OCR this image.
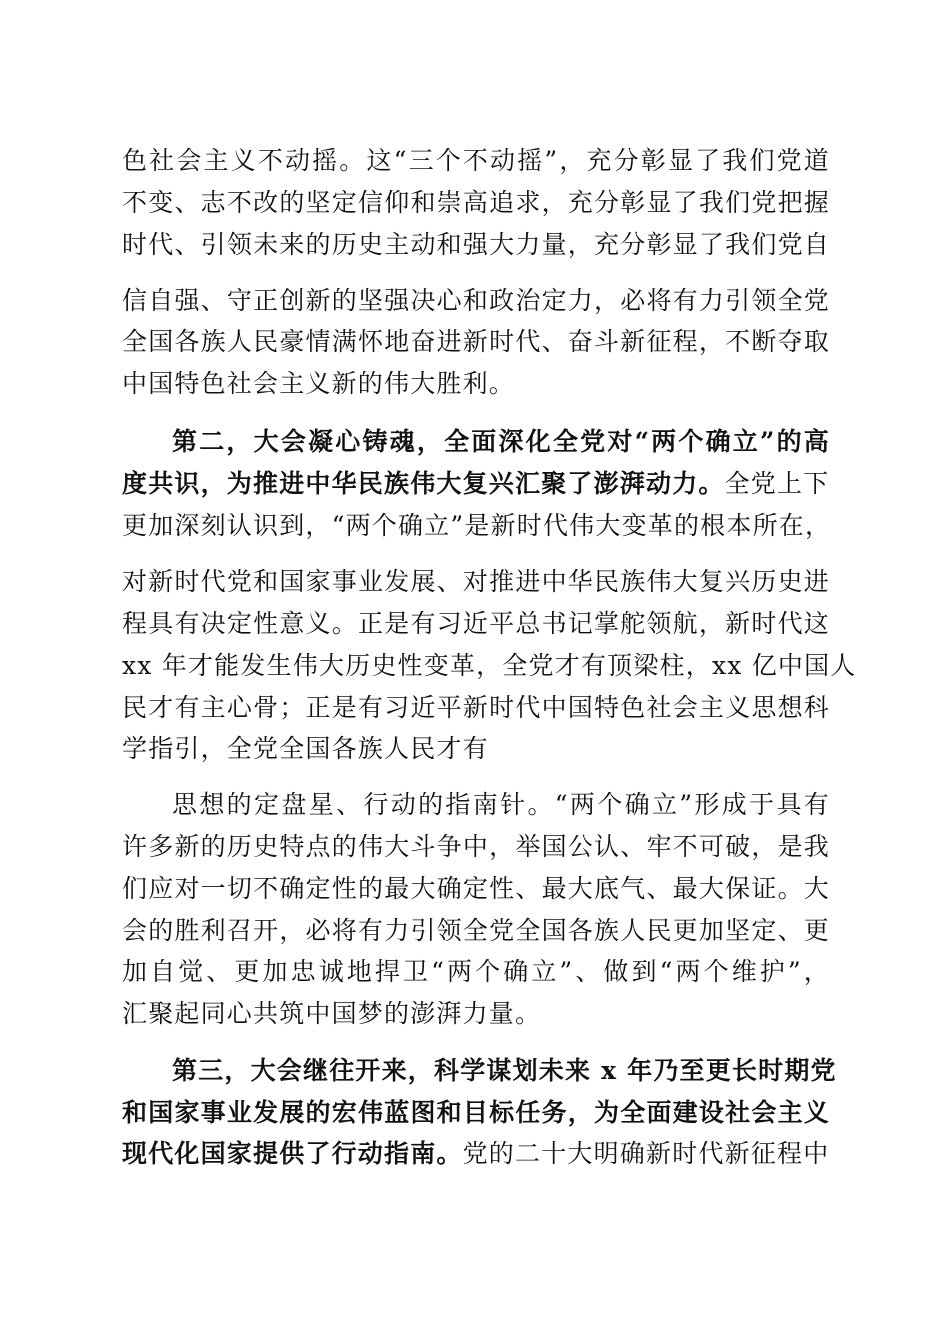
色社会主义不动摇。这“三个不动摇”，充分彰显了我们党道
不变、志不改的坚定信仰和崇高追求，充分彰显了我们党把握
时代、引领未来的历史主动和强大力量，充分彰显了我们党自
信自强、守正创新的坚强决心和政治定力，必将有力引领全党
全国各族人民豪情满怀地奋进新时代、奋斗新征程，不断夺取
中国特色社会主义新的伟大胜利。
第二，大会凝心铸魂，全面深化全党对“两个确立”的高
度共识，为推进中华民族伟大复兴汇聚了澎湃动力。全党上下
更加深刻认识到，“两个确立”是新时代伟大变革的根本所在，
对新时代党和国家事业发展、对推进中华民族伟大复兴历史进
程具有决定性意义。正是有习近平总书记掌舵领航，新时代这
xx 年才能发生伟大历史性变革，全党才有顶梁柱，xx 亿中国人
民才有主心骨；正是有习近平新时代中国特色社会主义思想科
学指引，全党全国各族人民才有
思想的定盘星、行动的指南针。“两个确立”形成于具有
许多新的历史特点的伟大斗争中，举国公认、牢不可破，是我
们应对一切不确定性的最大确定性、最大底气、最大保证。大
会的胜利召开，必将有力引领全党全国各族人民更加坚定、更
加自觉、更加忠诚地捍卫“两个确立”、做到“两个维护”，
汇聚起同心共筑中国梦的澎湃力量。
第三，大会继往开来，科学谋划未来 x 年乃至更长时期党
和国家事业发展的宏伟蓝图和目标任务，为全面建设社会主义
现代化国家提供了行动指南。党的二十大明确新时代新征程中
